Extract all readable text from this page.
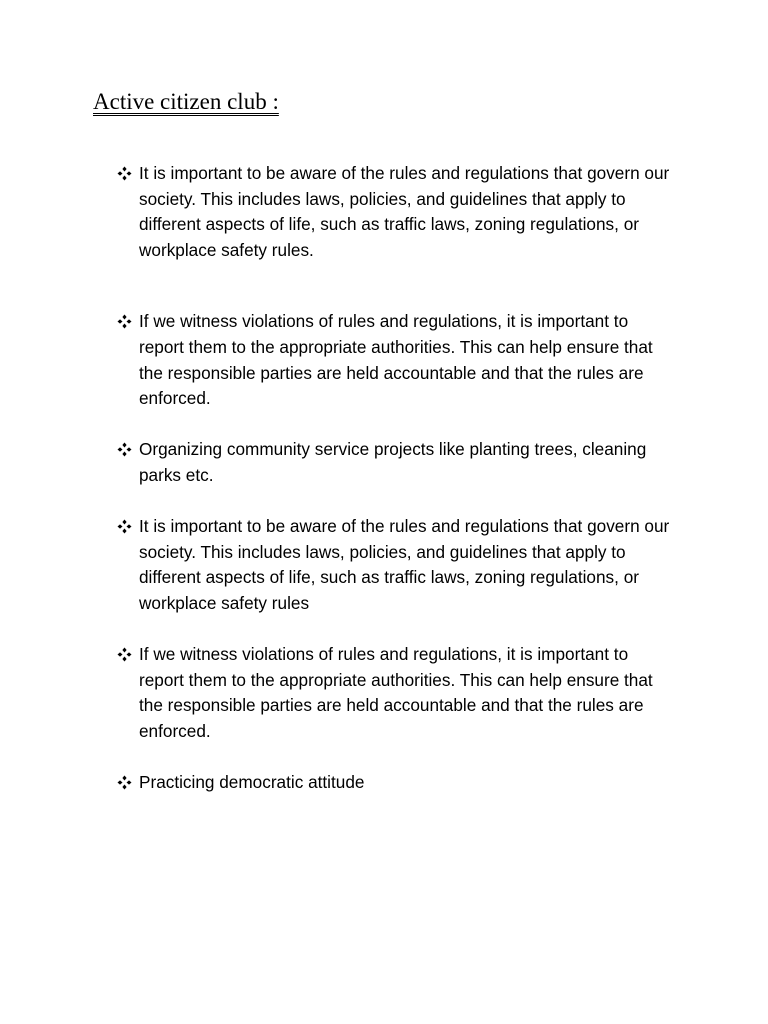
Active citizen club :
It is important to be aware of the rules and regulations that govern our society. This includes laws, policies, and guidelines that apply to different aspects of life, such as traffic laws, zoning regulations, or workplace safety rules.
If we witness violations of rules and regulations, it is important to report them to the appropriate authorities. This can help ensure that the responsible parties are held accountable and that the rules are enforced.
Organizing community service projects like planting trees, cleaning parks etc.
It is important to be aware of the rules and regulations that govern our society. This includes laws, policies, and guidelines that apply to different aspects of life, such as traffic laws, zoning regulations, or workplace safety rules
If we witness violations of rules and regulations, it is important to report them to the appropriate authorities. This can help ensure that the responsible parties are held accountable and that the rules are enforced.
Practicing democratic attitude
